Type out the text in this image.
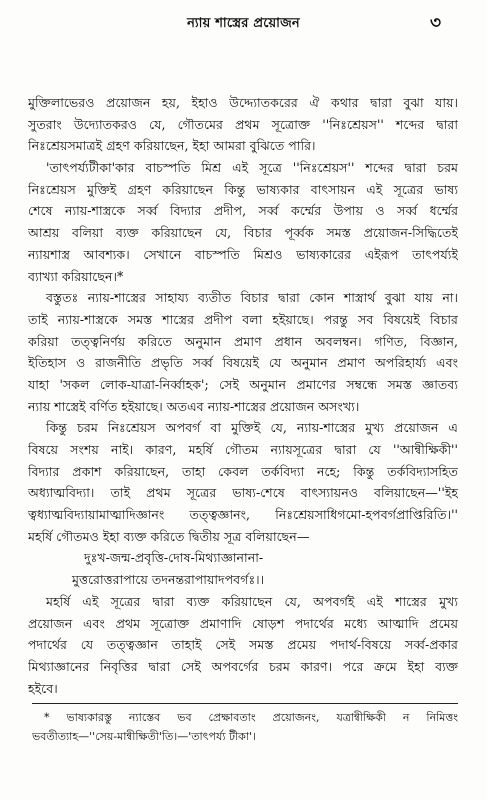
ন্যায় শাস্ত্রের প্রয়োজন	৩
মুক্তিলাভেরও প্রয়োজন হয়, ইহাও উদ্দ্যোতকরের ঐ কথার দ্বারা বুঝা যায়।
সুতরাং উদ্যোতকরও যে, গৌতমের প্রথম সূত্রোক্ত ''নিঃশ্রেয়স'' শব্দের দ্বারা
নিঃশ্রেয়সমাত্রই গ্রহণ করিয়াছেন, ইহা আমরা বুঝিতে পারি।
'তাৎপর্য্যটীকা'কার বাচস্পতি মিশ্র এই সূত্রে ''নিঃশ্রেয়স'' শব্দের দ্বারা চরম
নিঃশ্রেয়স মুক্তিই গ্রহণ করিয়াছেন কিন্তু ভাষ্যকার বাৎসায়ন এই সূত্রের ভাষ্য
শেষে ন্যায়-শাস্ত্রকে সর্ব্ব বিদ্যার প্রদীপ, সর্ব্ব কর্ম্মের উপায় ও সর্ব্ব ধর্ম্মের
আশ্রয় বলিয়া ব্যক্ত করিয়াছেন যে, বিচার পূর্ব্বক সমস্ত প্রয়োজন-সিদ্ধিতেই
ন্যায়শাস্ত্র আবশ্যক। সেখানে বাচস্পতি মিশ্রও ভাষ্যকারের এইরূপ তাৎপর্য্যই
ব্যাখ্যা করিয়াছেন।*
বস্তুতঃ ন্যায়-শাস্ত্রের সাহায্য ব্যতীত বিচার দ্বারা কোন শাস্ত্রার্থ বুঝা যায় না।
তাই ন্যায়-শাস্ত্রকে সমস্ত শাস্ত্রের প্রদীপ বলা হইয়াছে। পরন্তু সব বিষয়েই বিচার
করিয়া তত্ত্বনির্ণয় করিতে অনুমান প্রমাণ প্রধান অবলম্বন। গণিত, বিজ্ঞান,
ইতিহাস ও রাজনীতি প্রভৃতি সর্ব্ব বিষয়েই যে অনুমান প্রমাণ অপরিহার্য্য এবং
যাহা 'সকল লোক-যাত্রা-নির্ব্বাহক'; সেই অনুমান প্রমাণের সম্বন্ধে সমস্ত জ্ঞাতব্য
ন্যায় শাস্ত্রেই বর্ণিত হইয়াছে। অতএব ন্যায়-শাস্ত্রের প্রয়োজন অসংখ্য।
কিন্তু চরম নিঃশ্রেয়স অপবর্গ বা মুক্তিই যে, ন্যায়-শাস্ত্রের মুখ্য প্রয়োজন এ
বিষয়ে সংশয় নাই। কারণ, মহর্ষি গৌতম ন্যায়সূত্রের দ্বারা যে ''আন্বীক্ষিকী''
বিদ্যার প্রকাশ করিয়াছেন, তাহা কেবল তর্কবিদ্যা নহে; কিন্তু তর্কবিদ্যাসহিত
অধ্যাত্মবিদ্যা। তাই প্রথম সূত্রের ভাষ্য-শেষে বাৎস্যায়নও বলিয়াছেন—''ইহ
ত্বধ্যাত্মবিদ্যায়ামাত্মাদিজ্ঞানং তত্ত্বজ্ঞানং, নিঃশ্রেয়সাধিগমো-হপবর্গপ্রাপ্তিরিতি।''
মহর্ষি গৌতমও ইহা ব্যক্ত করিতে দ্বিতীয় সূত্র বলিয়াছেন—
দুঃখ-জন্ম-প্রবৃত্তি-দোষ-মিথ্যাজ্ঞানানা-
মুত্তরোত্তরাপায়ে তদনন্তরাপায়াদপবর্গঃ।।
মহর্ষি এই সূত্রের দ্বারা ব্যক্ত করিয়াছেন যে, অপবর্গই এই শাস্ত্রের মুখ্য
প্রয়োজন এবং প্রথম সূত্রোক্ত প্রমাণাদি ষোড়শ পদার্থের মধ্যে আত্মাদি প্রমেয়
পদার্থের যে তত্ত্বজ্ঞান তাহাই সেই সমস্ত প্রমেয় পদার্থ-বিষয়ে সর্ব্ব-প্রকার
মিথ্যাজ্ঞানের নিবৃত্তির দ্বারা সেই অপবর্গের চরম কারণ। পরে ক্রমে ইহা ব্যক্ত
হইবে।
* ভাষ্যকারস্তু ন্যাস্তেব ভব প্রেক্ষাবতাং প্রয়োজনং, যত্রান্বীক্ষিকী ন নিমিত্তং
ভবতীত্যাহ—''সেয়-মান্বীক্ষিতী'তি।—'তাৎপর্য্য টীকা'।
